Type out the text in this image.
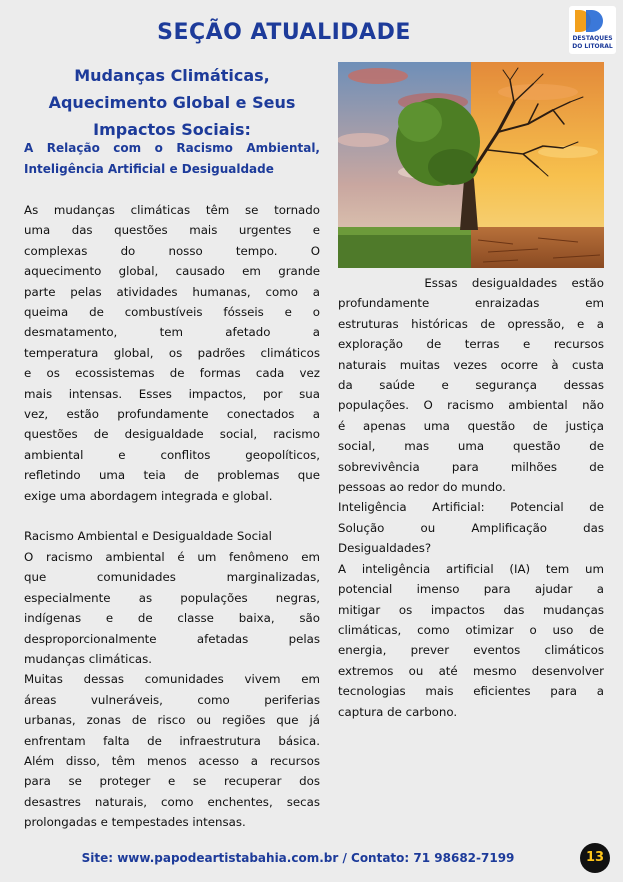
SEÇÃO ATUALIDADE	DESTAQUES
DO LITORAL
Mudanças Climáticas,
Aquecimento Global e Seus
Impactos Sociais:
A Relação com o Racismo Ambiental,
Inteligência Artificial e Desigualdade
As mudanças climáticas têm se tornado
uma das questões mais urgentes e
complexas do nosso tempo. O
aquecimento global, causado em grande
parte pelas atividades humanas, como a
queima de combustíveis fósseis e o
desmatamento, tem afetado a
temperatura global, os padrões climáticos
e os ecossistemas de formas cada vez
mais intensas. Esses impactos, por sua
vez, estão profundamente conectados a
questões de desigualdade social, racismo
ambiental e conflitos geopolíticos,
refletindo uma teia de problemas que
exige uma abordagem integrada e global.
Racismo Ambiental e Desigualdade Social
O racismo ambiental é um fenômeno em
que comunidades marginalizadas,
especialmente as populações negras,
indígenas e de classe baixa, são
desproporcionalmente afetadas pelas
mudanças climáticas.
Muitas dessas comunidades vivem em
áreas vulneráveis, como periferias
urbanas, zonas de risco ou regiões que já
enfrentam falta de infraestrutura básica.
Além disso, têm menos acesso a recursos
para se proteger e se recuperar dos
desastres naturais, como enchentes, secas
prolongadas e tempestades intensas.
Essas desigualdades estão
profundamente enraizadas em
estruturas históricas de opressão, e a
exploração de terras e recursos
naturais muitas vezes ocorre à custa
da saúde e segurança dessas
populações. O racismo ambiental não
é apenas uma questão de justiça
social, mas uma questão de
sobrevivência para milhões de
pessoas ao redor do mundo.
Inteligência Artificial: Potencial de
Solução ou Amplificação das
Desigualdades?
A inteligência artificial (IA) tem um
potencial imenso para ajudar a
mitigar os impactos das mudanças
climáticas, como otimizar o uso de
energia, prever eventos climáticos
extremos ou até mesmo desenvolver
tecnologias mais eficientes para a
captura de carbono.
Site: www.papodeartistabahia.com.br / Contato: 71 98682-7199	13
